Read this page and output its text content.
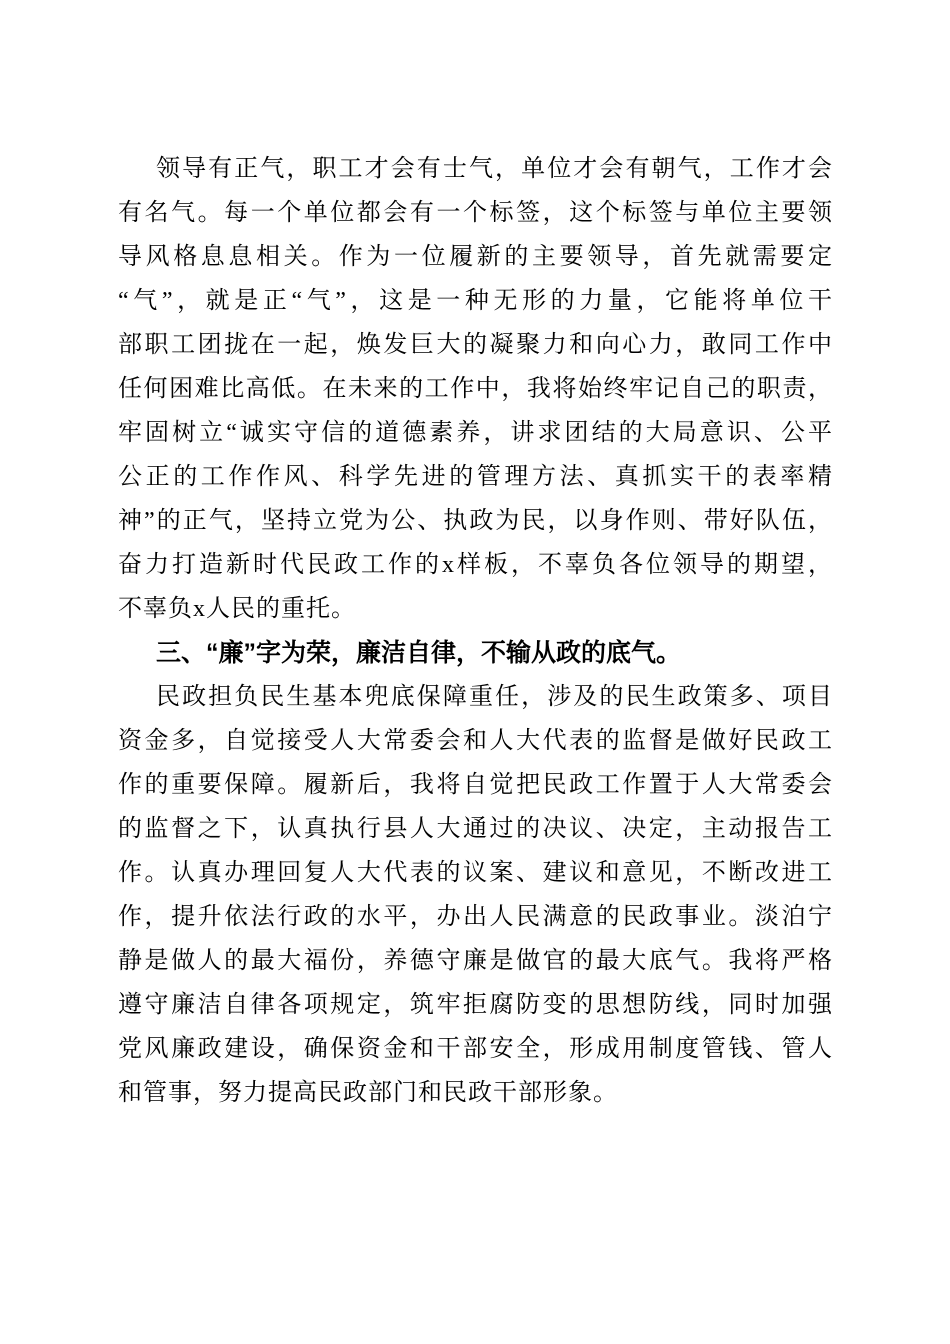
领导有正气，职工才会有士气，单位才会有朝气，工作才会
有名气。每一个单位都会有一个标签，这个标签与单位主要领
导风格息息相关。作为一位履新的主要领导，首先就需要定
“气”，就是正“气”，这是一种无形的力量，它能将单位干
部职工团拢在一起，焕发巨大的凝聚力和向心力，敢同工作中
任何困难比高低。在未来的工作中，我将始终牢记自己的职责，
牢固树立“诚实守信的道德素养，讲求团结的大局意识、公平
公正的工作作风、科学先进的管理方法、真抓实干的表率精
神”的正气，坚持立党为公、执政为民，以身作则、带好队伍，
奋力打造新时代民政工作的x样板，不辜负各位领导的期望，
不辜负x人民的重托。
三、“廉”字为荣，廉洁自律，不输从政的底气。
民政担负民生基本兜底保障重任，涉及的民生政策多、项目
资金多，自觉接受人大常委会和人大代表的监督是做好民政工
作的重要保障。履新后，我将自觉把民政工作置于人大常委会
的监督之下，认真执行县人大通过的决议、决定，主动报告工
作。认真办理回复人大代表的议案、建议和意见，不断改进工
作，提升依法行政的水平，办出人民满意的民政事业。淡泊宁
静是做人的最大福份，养德守廉是做官的最大底气。我将严格
遵守廉洁自律各项规定，筑牢拒腐防变的思想防线，同时加强
党风廉政建设，确保资金和干部安全，形成用制度管钱、管人
和管事，努力提高民政部门和民政干部形象。
